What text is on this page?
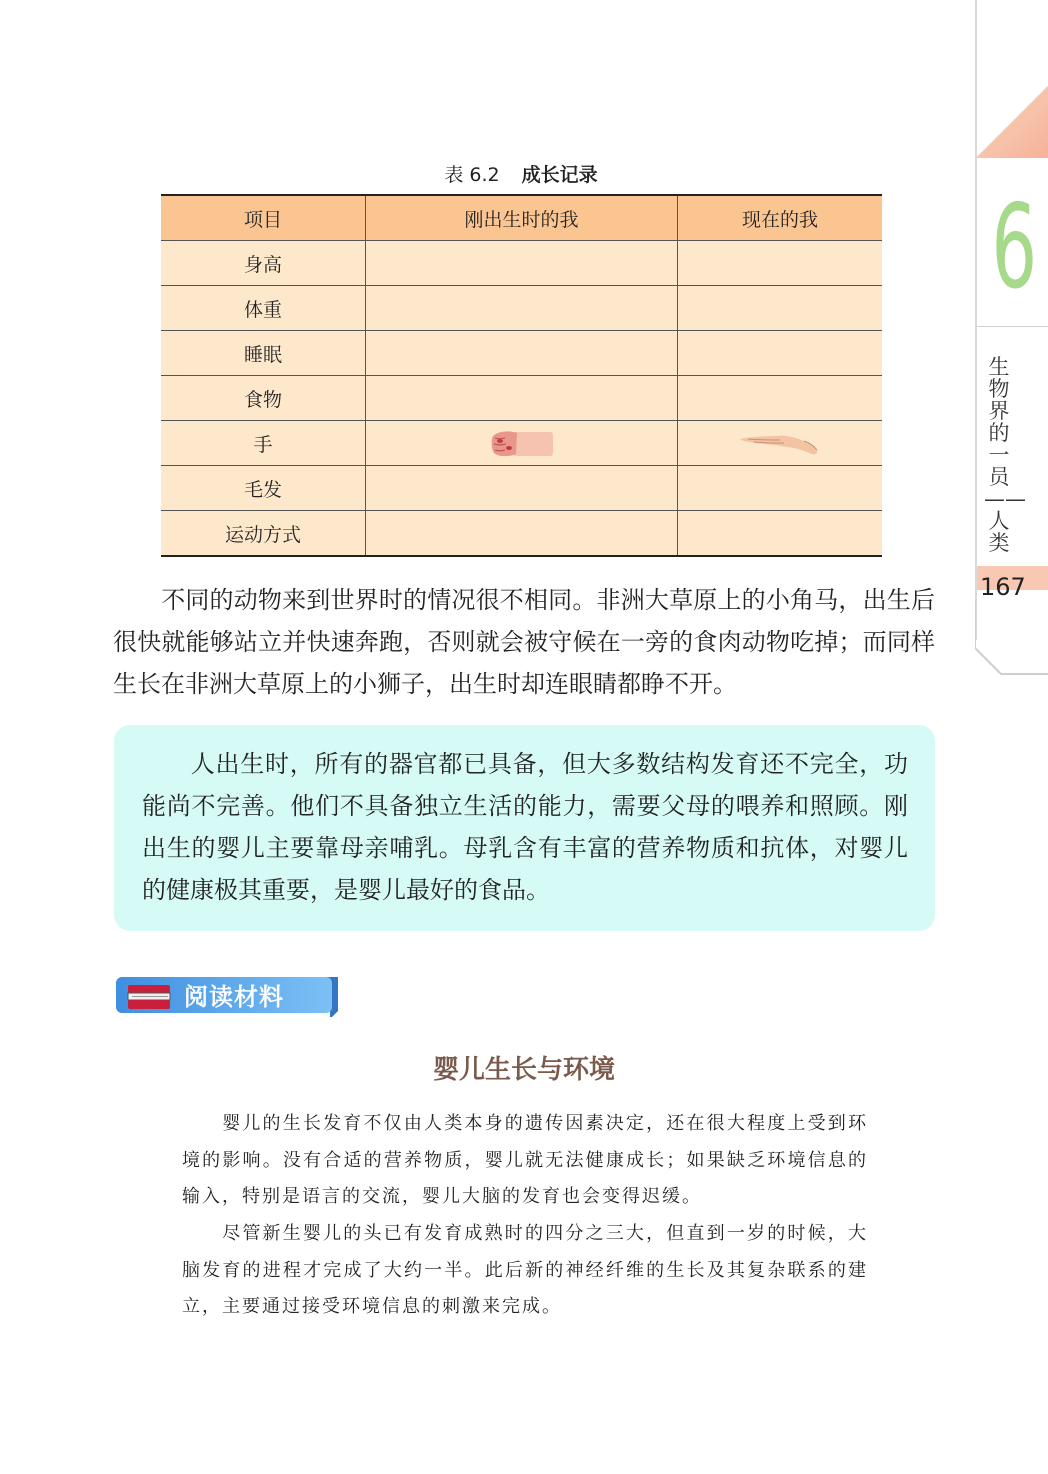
6

生物界的一员——人类

167
表 6.2 成长记录
项目	刚出生时的我	现在的我
身高		
体重		
睡眠		
食物		
手	

毛发		
运动方式		
不同的动物来到世界时的情况很不相同。非洲大草原上的小角马，出生后很快就能够站立并快速奔跑，否则就会被守候在一旁的食肉动物吃掉；而同样生长在非洲大草原上的小狮子，出生时却连眼睛都睁不开。
人出生时，所有的器官都已具备，但大多数结构发育还不完全，功能尚不完善。他们不具备独立生活的能力，需要父母的喂养和照顾。刚出生的婴儿主要靠母亲哺乳。母乳含有丰富的营养物质和抗体，对婴儿的健康极其重要，是婴儿最好的食品。
阅读材料
婴儿生长与环境
婴儿的生长发育不仅由人类本身的遗传因素决定，还在很大程度上受到环境的影响。没有合适的营养物质，婴儿就无法健康成长；如果缺乏环境信息的输入，特别是语言的交流，婴儿大脑的发育也会变得迟缓。
尽管新生婴儿的头已有发育成熟时的四分之三大，但直到一岁的时候，大脑发育的进程才完成了大约一半。此后新的神经纤维的生长及其复杂联系的建立，主要通过接受环境信息的刺激来完成。
